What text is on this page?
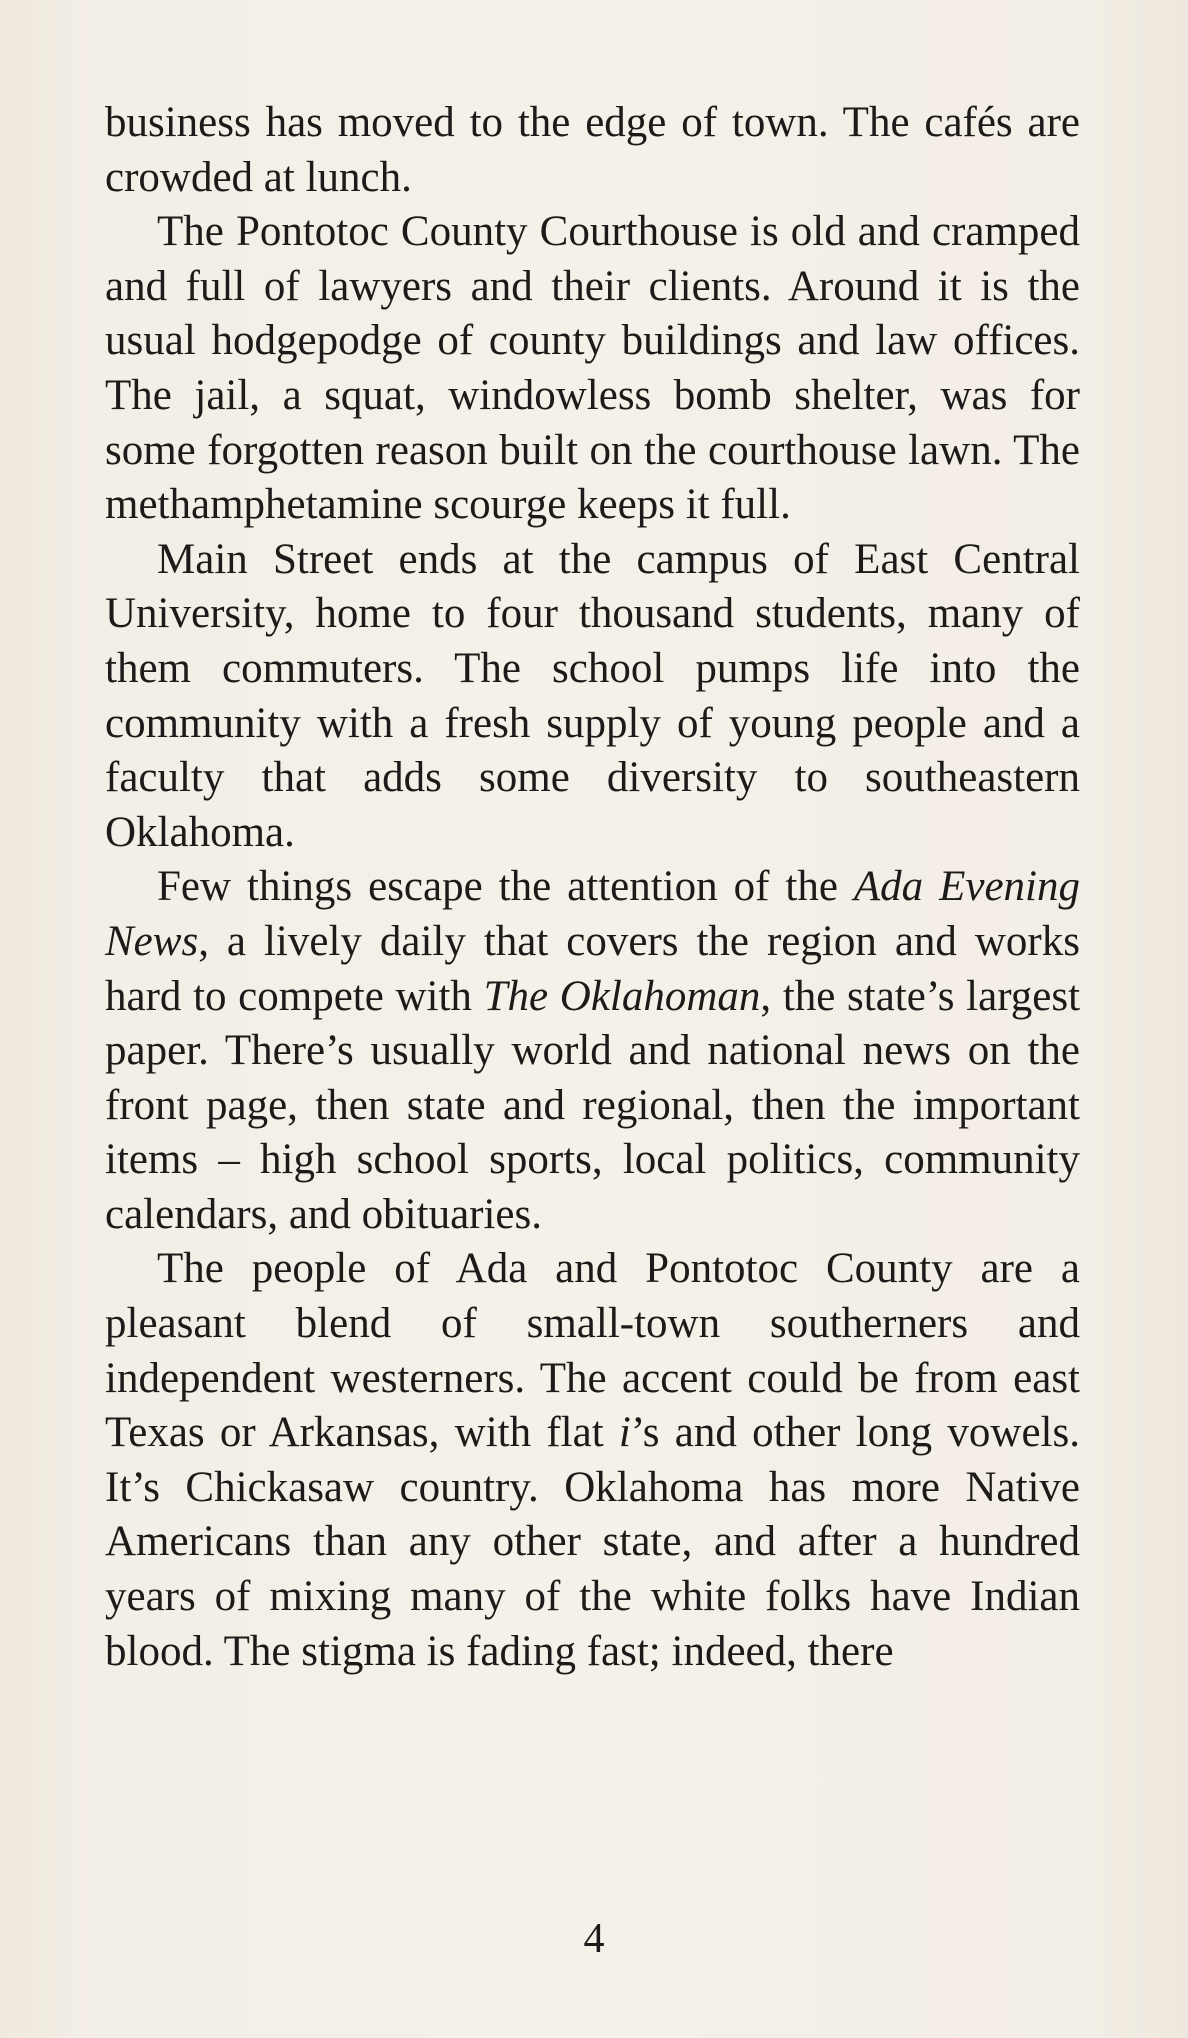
business has moved to the edge of town. The cafés are crowded at lunch.

The Pontotoc County Courthouse is old and cramped and full of lawyers and their clients. Around it is the usual hodgepodge of county buildings and law offices. The jail, a squat, windowless bomb shelter, was for some forgotten reason built on the courthouse lawn. The methamphetamine scourge keeps it full.

Main Street ends at the campus of East Central University, home to four thousand students, many of them commuters. The school pumps life into the community with a fresh supply of young people and a faculty that adds some diversity to southeastern Oklahoma.

Few things escape the attention of the Ada Evening News, a lively daily that covers the region and works hard to compete with The Oklahoman, the state’s largest paper. There’s usually world and national news on the front page, then state and regional, then the important items – high school sports, local politics, community calendars, and obituaries.

The people of Ada and Pontotoc County are a pleasant blend of small-town southerners and independent westerners. The accent could be from east Texas or Arkansas, with flat i’s and other long vowels. It’s Chickasaw country. Oklahoma has more Native Americans than any other state, and after a hundred years of mixing many of the white folks have Indian blood. The stigma is fading fast; indeed, there

4
